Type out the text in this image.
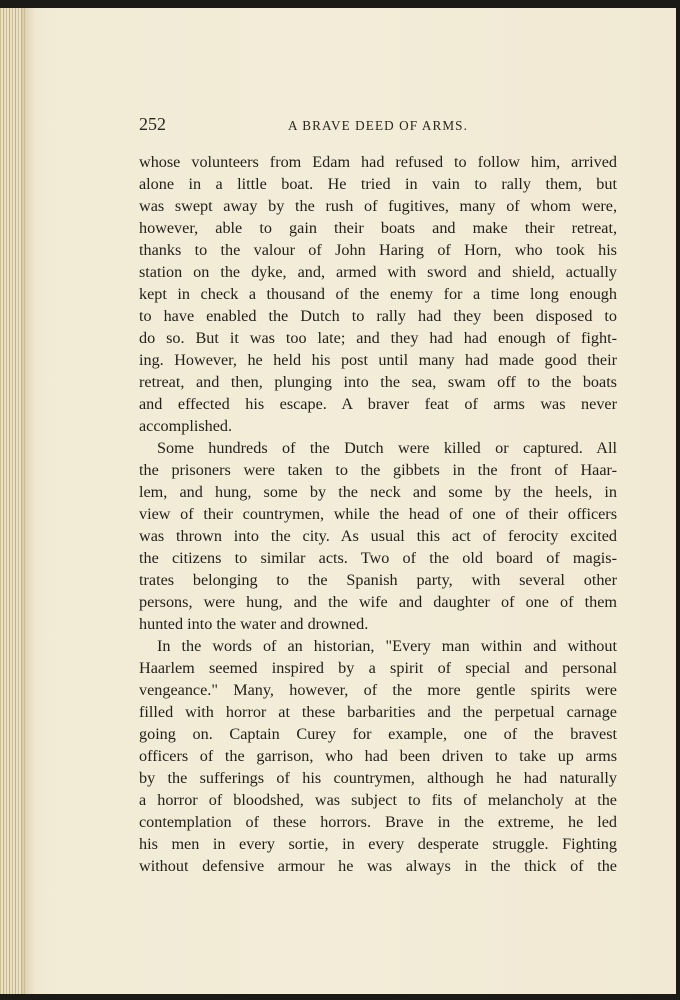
252	A BRAVE DEED OF ARMS.
whose volunteers from Edam had refused to follow him, arrived
alone in a little boat. He tried in vain to rally them, but
was swept away by the rush of fugitives, many of whom were,
however, able to gain their boats and make their retreat,
thanks to the valour of John Haring of Horn, who took his
station on the dyke, and, armed with sword and shield, actually
kept in check a thousand of the enemy for a time long enough
to have enabled the Dutch to rally had they been disposed to
do so. But it was too late; and they had had enough of fight-
ing. However, he held his post until many had made good their
retreat, and then, plunging into the sea, swam off to the boats
and effected his escape. A braver feat of arms was never
accomplished.
Some hundreds of the Dutch were killed or captured. All
the prisoners were taken to the gibbets in the front of Haar-
lem, and hung, some by the neck and some by the heels, in
view of their countrymen, while the head of one of their officers
was thrown into the city. As usual this act of ferocity excited
the citizens to similar acts. Two of the old board of magis-
trates belonging to the Spanish party, with several other
persons, were hung, and the wife and daughter of one of them
hunted into the water and drowned.
In the words of an historian, "Every man within and without
Haarlem seemed inspired by a spirit of special and personal
vengeance." Many, however, of the more gentle spirits were
filled with horror at these barbarities and the perpetual carnage
going on. Captain Curey for example, one of the bravest
officers of the garrison, who had been driven to take up arms
by the sufferings of his countrymen, although he had naturally
a horror of bloodshed, was subject to fits of melancholy at the
contemplation of these horrors. Brave in the extreme, he led
his men in every sortie, in every desperate struggle. Fighting
without defensive armour he was always in the thick of the
